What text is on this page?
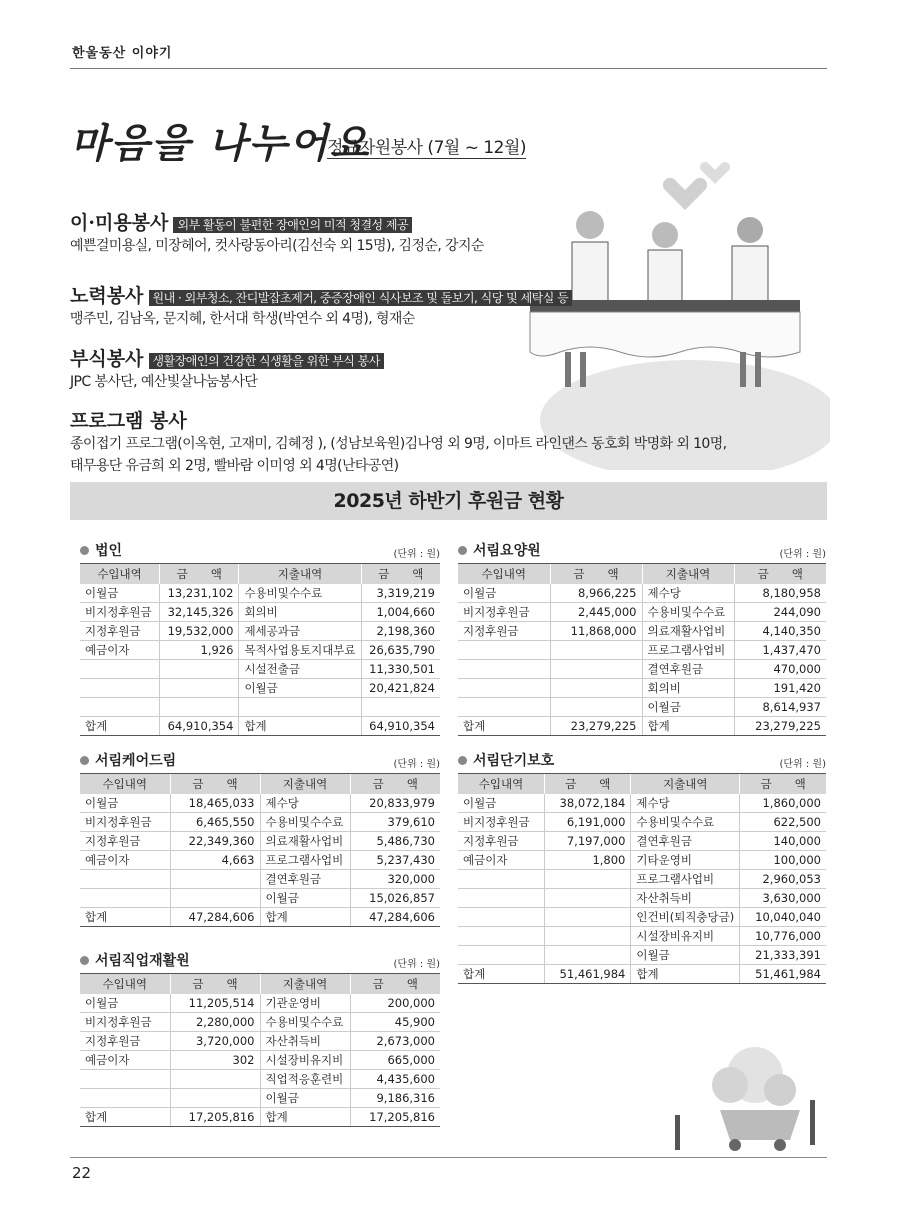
한울동산 이야기
마음을 나누어요
정규자원봉사 (7월 ~ 12월)
이·미용봉사 외부 활동이 불편한 장애인의 미적 청결성 제공
예쁜걸미용실, 미장헤어, 컷사랑동아리(김선숙 외 15명), 김정순, 강지순
노력봉사 원내 · 외부청소, 잔디발잡초제거, 중증장애인 식사보조 및 돌보기, 식당 및 세탁실 등
맹주민, 김남옥, 문지혜, 한서대 학생(박연수 외 4명), 형재순
부식봉사 생활장애인의 건강한 식생활을 위한 부식 봉사
JPC 봉사단, 예산빛살나눔봉사단
프로그램 봉사
종이접기 프로그램(이옥현, 고재미, 김혜정 ), (성남보육원)김나영 외 9명, 이마트 라인댄스 동호회 박명화 외 10명,
태무용단 유금희 외 2명, 빨바람 이미영 외 4명(난타공연)
2025년 하반기 후원금 현황
법인	(단위 : 원)
수입내역	금　　액	지출내역	금　　액
이월금	13,231,102	수용비및수수료	3,319,219
비지정후원금	32,145,326	회의비	1,004,660
지정후원금	19,532,000	제세공과금	2,198,360
예금이자	1,926	목적사업용토지대부료	26,635,790
		시설전출금	11,330,501
		이월금	20,421,824

합계	64,910,354	합계	64,910,354
서림요양원	(단위 : 원)
수입내역	금　　액	지출내역	금　　액
이월금	8,966,225	제수당	8,180,958
비지정후원금	2,445,000	수용비및수수료	244,090
지정후원금	11,868,000	의료재활사업비	4,140,350
		프로그램사업비	1,437,470
		결연후원금	470,000
		회의비	191,420
		이월금	8,614,937
합계	23,279,225	합계	23,279,225
서림케어드림	(단위 : 원)
수입내역	금　　액	지출내역	금　　액
이월금	18,465,033	제수당	20,833,979
비지정후원금	6,465,550	수용비및수수료	379,610
지정후원금	22,349,360	의료재활사업비	5,486,730
예금이자	4,663	프로그램사업비	5,237,430
		결연후원금	320,000
		이월금	15,026,857
합계	47,284,606	합계	47,284,606
서림단기보호	(단위 : 원)
수입내역	금　　액	지출내역	금　　액
이월금	38,072,184	제수당	1,860,000
비지정후원금	6,191,000	수용비및수수료	622,500
지정후원금	7,197,000	결연후원금	140,000
예금이자	1,800	기타운영비	100,000
		프로그램사업비	2,960,053
		자산취득비	3,630,000
		인건비(퇴직충당금)	10,040,040
		시설장비유지비	10,776,000
		이월금	21,333,391
합계	51,461,984	합계	51,461,984
서림직업재활원	(단위 : 원)
수입내역	금　　액	지출내역	금　　액
이월금	11,205,514	기관운영비	200,000
비지정후원금	2,280,000	수용비및수수료	45,900
지정후원금	3,720,000	자산취득비	2,673,000
예금이자	302	시설장비유지비	665,000
		직업적응훈련비	4,435,600
		이월금	9,186,316
합계	17,205,816	합계	17,205,816
22
